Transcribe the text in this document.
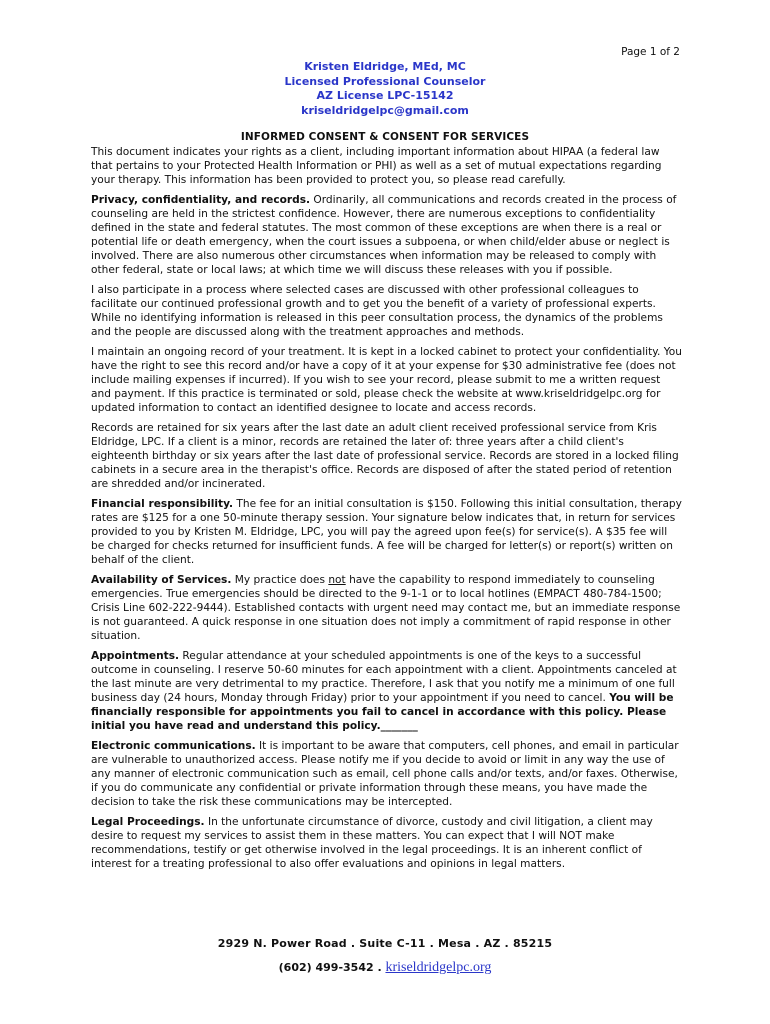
Page 1 of 2
Kristen Eldridge, MEd, MC
Licensed Professional Counselor
AZ License LPC-15142
kriseldridgelpc@gmail.com
INFORMED CONSENT & CONSENT FOR SERVICES

This document indicates your rights as a client, including important information about HIPAA (a federal law that pertains to your Protected Health Information or PHI) as well as a set of mutual expectations regarding your therapy. This information has been provided to protect you, so please read carefully.

Privacy, confidentiality, and records. Ordinarily, all communications and records created in the process of counseling are held in the strictest confidence. However, there are numerous exceptions to confidentiality defined in the state and federal statutes. The most common of these exceptions are when there is a real or potential life or death emergency, when the court issues a subpoena, or when child/elder abuse or neglect is involved. There are also numerous other circumstances when information may be released to comply with other federal, state or local laws; at which time we will discuss these releases with you if possible.

I also participate in a process where selected cases are discussed with other professional colleagues to facilitate our continued professional growth and to get you the benefit of a variety of professional experts. While no identifying information is released in this peer consultation process, the dynamics of the problems and the people are discussed along with the treatment approaches and methods.

I maintain an ongoing record of your treatment. It is kept in a locked cabinet to protect your confidentiality. You have the right to see this record and/or have a copy of it at your expense for $30 administrative fee (does not include mailing expenses if incurred). If you wish to see your record, please submit to me a written request and payment. If this practice is terminated or sold, please check the website at www.kriseldridgelpc.org for updated information to contact an identified designee to locate and access records.

Records are retained for six years after the last date an adult client received professional service from Kris Eldridge, LPC. If a client is a minor, records are retained the later of: three years after a child client's eighteenth birthday or six years after the last date of professional service. Records are stored in a locked filing cabinets in a secure area in the therapist's office. Records are disposed of after the stated period of retention are shredded and/or incinerated.

Financial responsibility. The fee for an initial consultation is $150. Following this initial consultation, therapy rates are $125 for a one 50-minute therapy session. Your signature below indicates that, in return for services provided to you by Kristen M. Eldridge, LPC, you will pay the agreed upon fee(s) for service(s). A $35 fee will be charged for checks returned for insufficient funds. A fee will be charged for letter(s) or report(s) written on behalf of the client.

Availability of Services. My practice does not have the capability to respond immediately to counseling emergencies. True emergencies should be directed to the 9-1-1 or to local hotlines (EMPACT 480-784-1500; Crisis Line 602-222-9444). Established contacts with urgent need may contact me, but an immediate response is not guaranteed. A quick response in one situation does not imply a commitment of rapid response in other situation.

Appointments. Regular attendance at your scheduled appointments is one of the keys to a successful outcome in counseling. I reserve 50-60 minutes for each appointment with a client. Appointments canceled at the last minute are very detrimental to my practice. Therefore, I ask that you notify me a minimum of one full business day (24 hours, Monday through Friday) prior to your appointment if you need to cancel. You will be financially responsible for appointments you fail to cancel in accordance with this policy. Please initial you have read and understand this policy._______

Electronic communications. It is important to be aware that computers, cell phones, and email in particular are vulnerable to unauthorized access. Please notify me if you decide to avoid or limit in any way the use of any manner of electronic communication such as email, cell phone calls and/or texts, and/or faxes. Otherwise, if you do communicate any confidential or private information through these means, you have made the decision to take the risk these communications may be intercepted.

Legal Proceedings. In the unfortunate circumstance of divorce, custody and civil litigation, a client may desire to request my services to assist them in these matters. You can expect that I will NOT make recommendations, testify or get otherwise involved in the legal proceedings. It is an inherent conflict of interest for a treating professional to also offer evaluations and opinions in legal matters.

2929 N. Power Road . Suite C-11 . Mesa . AZ . 85215
(602) 499-3542 . kriseldridgelpc.org
